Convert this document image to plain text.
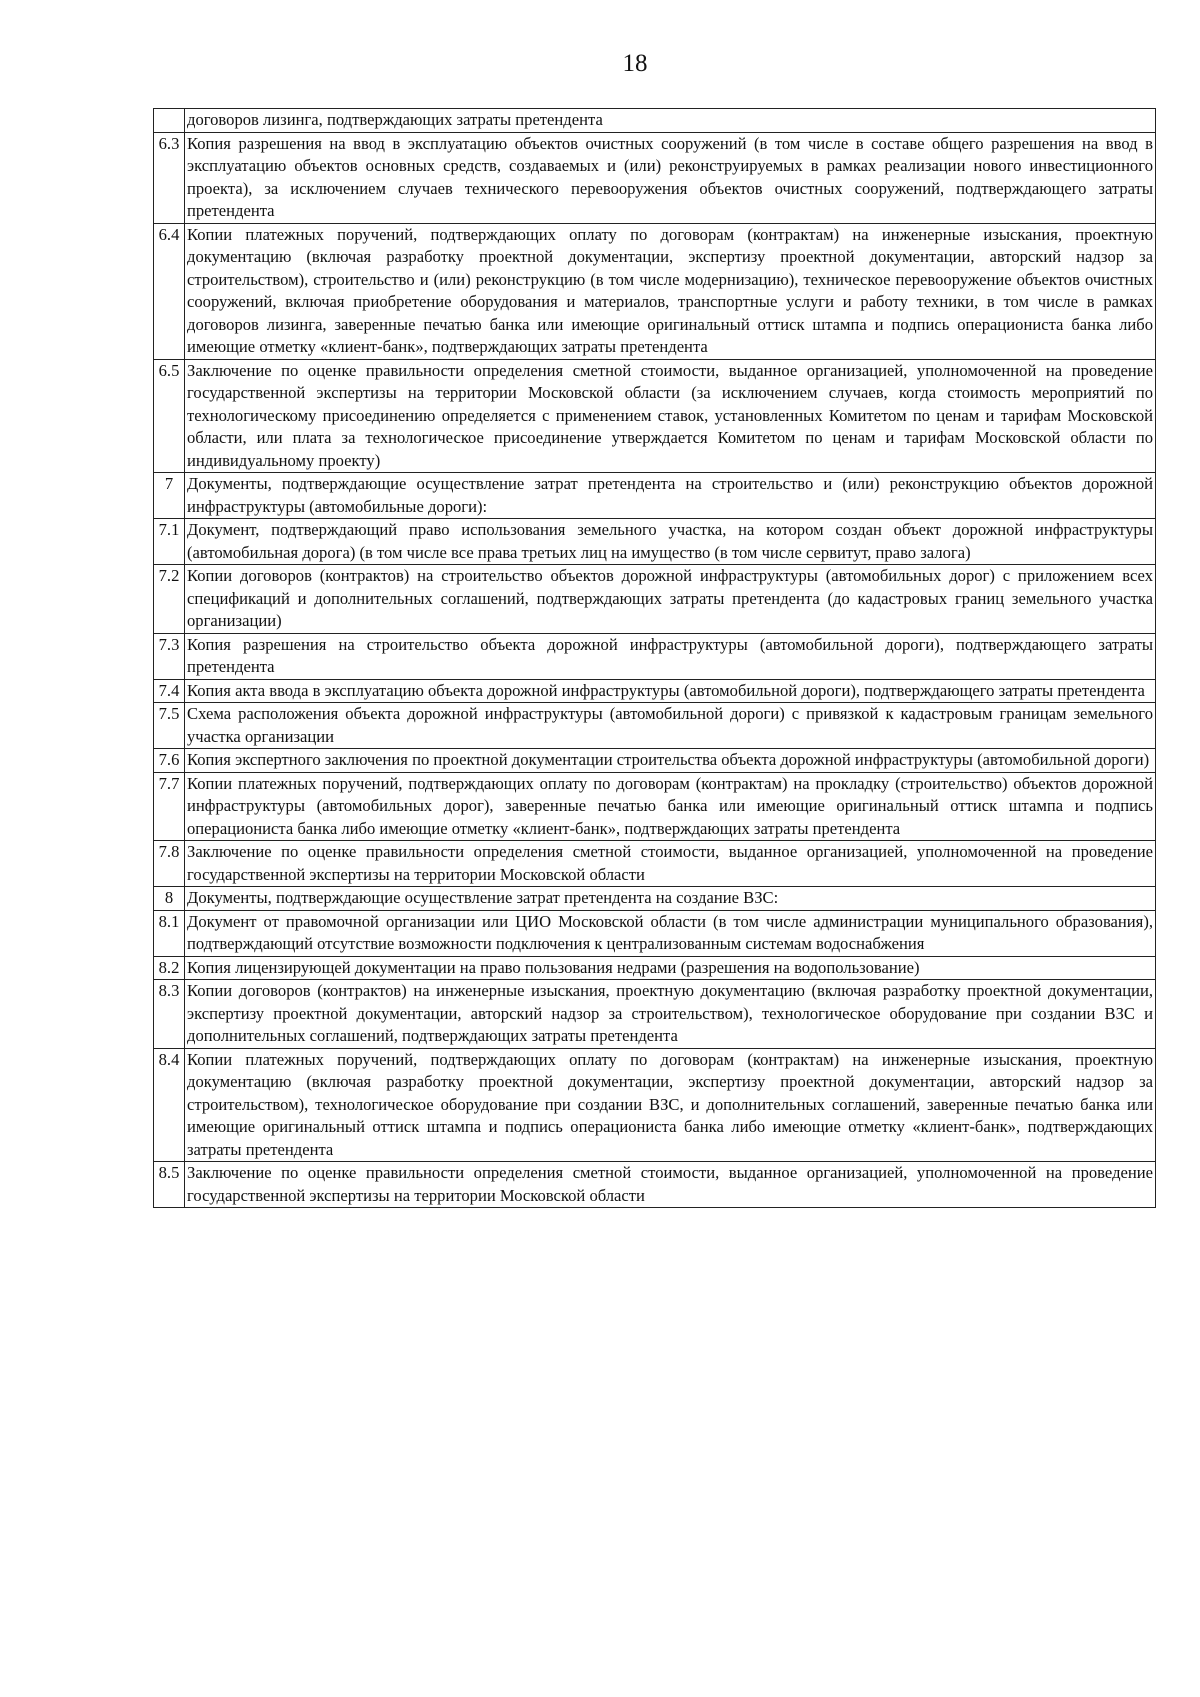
18
	договоров лизинга, подтверждающих затраты претендента
6.3	Копия разрешения на ввод в эксплуатацию объектов очистных сооружений (в том числе в составе общего разрешения на ввод в эксплуатацию объектов основных средств, создаваемых и (или) реконструируемых в рамках реализации нового инвестиционного проекта), за исключением случаев технического перевооружения объектов очистных сооружений, подтверждающего затраты претендента
6.4	Копии платежных поручений, подтверждающих оплату по договорам (контрактам) на инженерные изыскания, проектную документацию (включая разработку проектной документации, экспертизу проектной документации, авторский надзор за строительством), строительство и (или) реконструкцию (в том числе модернизацию), техническое перевооружение объектов очистных сооружений, включая приобретение оборудования и материалов, транспортные услуги и работу техники, в том числе в рамках договоров лизинга, заверенные печатью банка или имеющие оригинальный оттиск штампа и подпись операциониста банка либо имеющие отметку «клиент-банк», подтверждающих затраты претендента
6.5	Заключение по оценке правильности определения сметной стоимости, выданное организацией, уполномоченной на проведение государственной экспертизы на территории Московской области (за исключением случаев, когда стоимость мероприятий по технологическому присоединению определяется с применением ставок, установленных Комитетом по ценам и тарифам Московской области, или плата за технологическое присоединение утверждается Комитетом по ценам и тарифам Московской области по индивидуальному проекту)
7	Документы, подтверждающие осуществление затрат претендента на строительство и (или) реконструкцию объектов дорожной инфраструктуры (автомобильные дороги):
7.1	Документ, подтверждающий право использования земельного участка, на котором создан объект дорожной инфраструктуры (автомобильная дорога) (в том числе все права третьих лиц на имущество (в том числе сервитут, право залога)
7.2	Копии договоров (контрактов) на строительство объектов дорожной инфраструктуры (автомобильных дорог) с приложением всех спецификаций и дополнительных соглашений, подтверждающих затраты претендента (до кадастровых границ земельного участка организации)
7.3	Копия разрешения на строительство объекта дорожной инфраструктуры (автомобильной дороги), подтверждающего затраты претендента
7.4	Копия акта ввода в эксплуатацию объекта дорожной инфраструктуры (автомобильной дороги), подтверждающего затраты претендента
7.5	Схема расположения объекта дорожной инфраструктуры (автомобильной дороги) с привязкой к кадастровым границам земельного участка организации
7.6	Копия экспертного заключения по проектной документации строительства объекта дорожной инфраструктуры (автомобильной дороги)
7.7	Копии платежных поручений, подтверждающих оплату по договорам (контрактам) на прокладку (строительство) объектов дорожной инфраструктуры (автомобильных дорог), заверенные печатью банка или имеющие оригинальный оттиск штампа и подпись операциониста банка либо имеющие отметку «клиент-банк», подтверждающих затраты претендента
7.8	Заключение по оценке правильности определения сметной стоимости, выданное организацией, уполномоченной на проведение государственной экспертизы на территории Московской области
8	Документы, подтверждающие осуществление затрат претендента на создание ВЗС:
8.1	Документ от правомочной организации или ЦИО Московской области (в том числе администрации муниципального образования), подтверждающий отсутствие возможности подключения к централизованным системам водоснабжения
8.2	Копия лицензирующей документации на право пользования недрами (разрешения на водопользование)
8.3	Копии договоров (контрактов) на инженерные изыскания, проектную документацию (включая разработку проектной документации, экспертизу проектной документации, авторский надзор за строительством), технологическое оборудование при создании ВЗС и дополнительных соглашений, подтверждающих затраты претендента
8.4	Копии платежных поручений, подтверждающих оплату по договорам (контрактам) на инженерные изыскания, проектную документацию (включая разработку проектной документации, экспертизу проектной документации, авторский надзор за строительством), технологическое оборудование при создании ВЗС, и дополнительных соглашений, заверенные печатью банка или имеющие оригинальный оттиск штампа и подпись операциониста банка либо имеющие отметку «клиент-банк», подтверждающих затраты претендента
8.5	Заключение по оценке правильности определения сметной стоимости, выданное организацией, уполномоченной на проведение государственной экспертизы на территории Московской области
